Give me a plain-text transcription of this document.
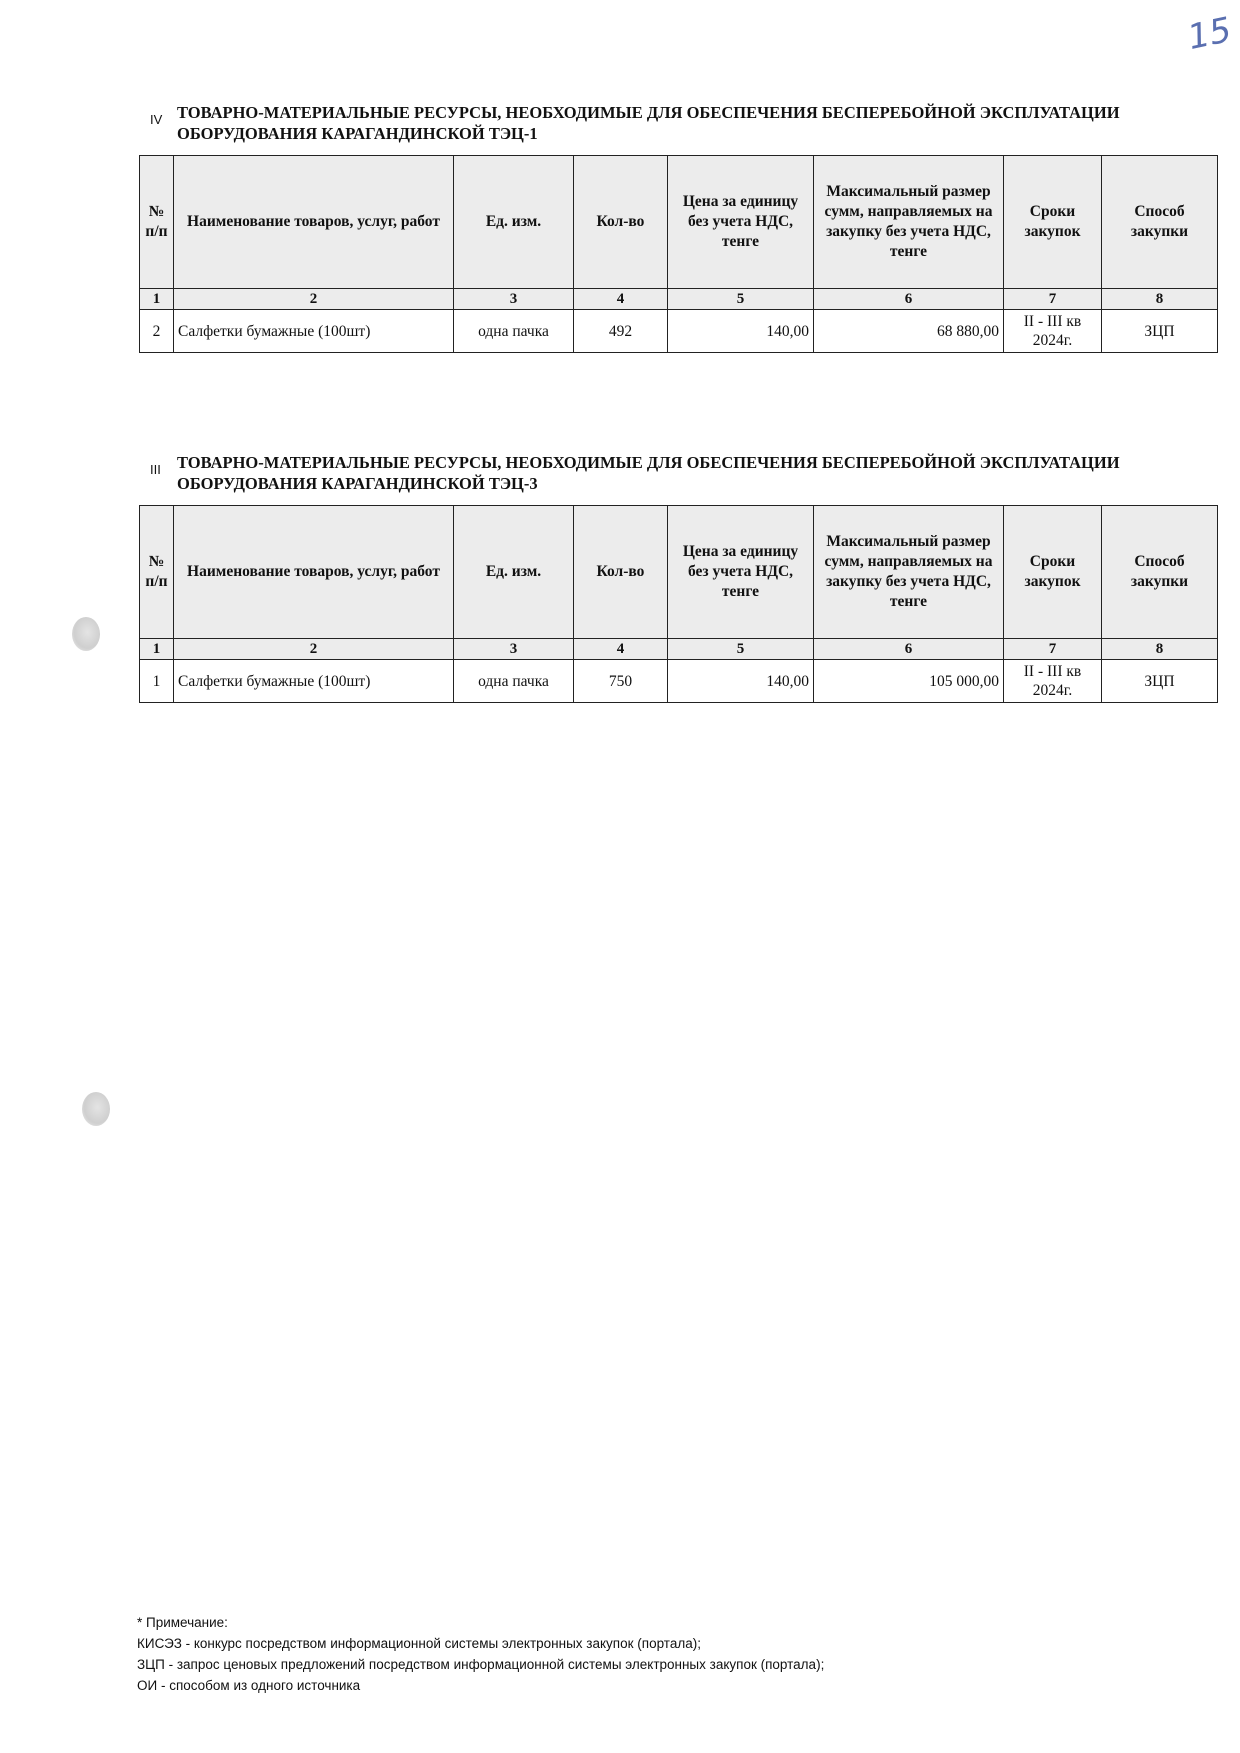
15
IV ТОВАРНО-МАТЕРИАЛЬНЫЕ РЕСУРСЫ, НЕОБХОДИМЫЕ ДЛЯ ОБЕСПЕЧЕНИЯ БЕСПЕРЕБОЙНОЙ ЭКСПЛУАТАЦИИ
ОБОРУДОВАНИЯ КАРАГАНДИНСКОЙ ТЭЦ-1
№ п/п	Наименование товаров, услуг, работ	Ед. изм.	Кол-во	Цена за единицу без учета НДС, тенге	Максимальный размер сумм, направляемых на закупку без учета НДС, тенге	Сроки закупок	Способ закупки
1	2	3	4	5	6	7	8
2	Салфетки бумажные (100шт)	одна пачка	492	140,00	68 880,00	II - III кв 2024г.	ЗЦП
III ТОВАРНО-МАТЕРИАЛЬНЫЕ РЕСУРСЫ, НЕОБХОДИМЫЕ ДЛЯ ОБЕСПЕЧЕНИЯ БЕСПЕРЕБОЙНОЙ ЭКСПЛУАТАЦИИ
ОБОРУДОВАНИЯ КАРАГАНДИНСКОЙ ТЭЦ-3
№ п/п	Наименование товаров, услуг, работ	Ед. изм.	Кол-во	Цена за единицу без учета НДС, тенге	Максимальный размер сумм, направляемых на закупку без учета НДС, тенге	Сроки закупок	Способ закупки
1	2	3	4	5	6	7	8
1	Салфетки бумажные (100шт)	одна пачка	750	140,00	105 000,00	II - III кв 2024г.	ЗЦП
* Примечание:
КИСЭЗ - конкурс посредством информационной системы электронных закупок (портала);
ЗЦП - запрос ценовых предложений посредством информационной системы электронных закупок (портала);
ОИ - способом из одного источника
